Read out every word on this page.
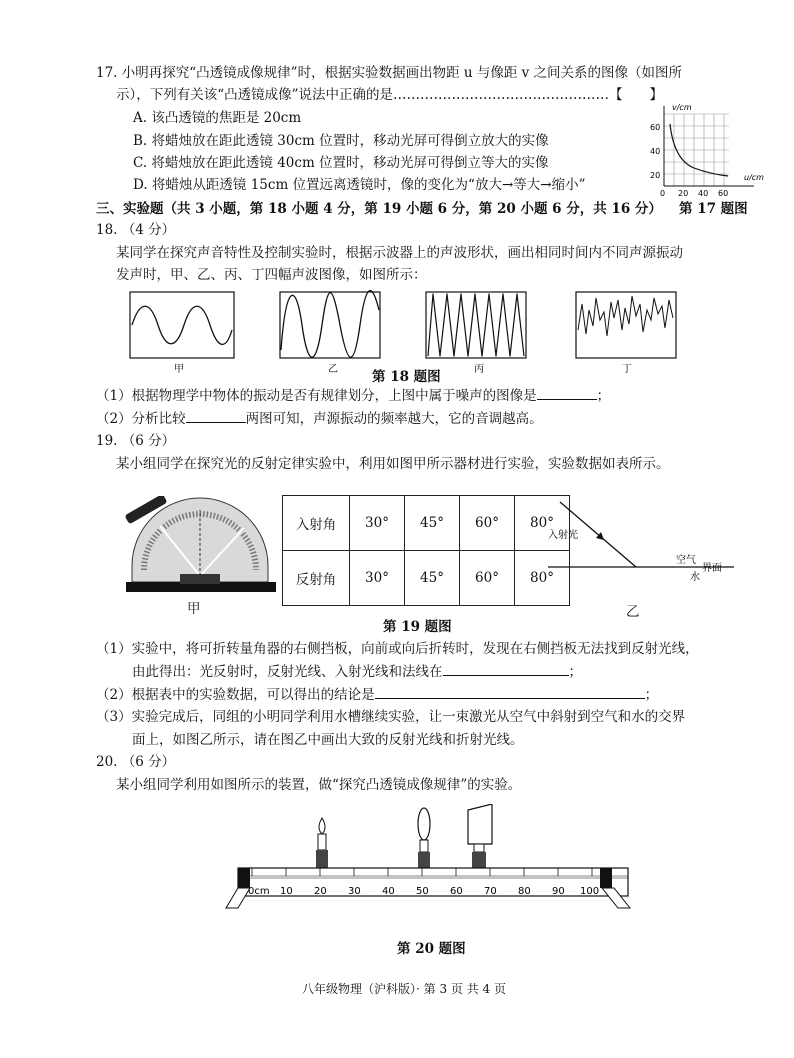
17. 小明再探究“凸透镜成像规律”时，根据实验数据画出物距 u 与像距 v 之间关系的图像（如图所
示），下列有关该“凸透镜成像”说法中正确的是…………………………………………【　　】
A. 该凸透镜的焦距是 20cm
B. 将蜡烛放在距此透镜 30cm 位置时，移动光屏可得倒立放大的实像
C. 将蜡烛放在距此透镜 40cm 位置时，移动光屏可得倒立等大的实像
D. 将蜡烛从距透镜 15cm 位置远离透镜时，像的变化为“放大→等大→缩小”
v/cm
u/cm
60
40
20
0 20 40 60
三、实验题（共 3 小题，第 18 小题 4 分，第 19 小题 6 分，第 20 小题 6 分，共 16 分） 第 17 题图
18. （4 分）
某同学在探究声音特性及控制实验时，根据示波器上的声波形状，画出相同时间内不同声源振动
发声时，甲、乙、丙、丁四幅声波图像，如图所示：
甲	乙	丙	丁
第 18 题图
（1）根据物理学中物体的振动是否有规律划分，上图中属于噪声的图像是	；
（2）分析比较	两图可知，声源振动的频率越大，它的音调越高。
19. （6 分）
某小组同学在探究光的反射定律实验中，利用如图甲所示器材进行实验，实验数据如表所示。
甲
入射角	30°	45°	60°	80°
反射角	30°	45°	60°	80°
入射光
空气
界面
水
乙
第 19 题图
（1）实验中，将可折转量角器的右侧挡板，向前或向后折转时，发现在右侧挡板无法找到反射光线，
由此得出：光反射时，反射光线、入射光线和法线在	；
（2）根据表中的实验数据，可以得出的结论是	；
（3）实验完成后，同组的小明同学利用水槽继续实验，让一束激光从空气中斜射到空气和水的交界
面上，如图乙所示，请在图乙中画出大致的反射光线和折射光线。
20. （6 分）
某小组同学利用如图所示的装置，做“探究凸透镜成像规律”的实验。
0cm 10 20 30 40 50 60 70 80 90 100
第 20 题图
八年级物理（沪科版）· 第 3 页 共 4 页
